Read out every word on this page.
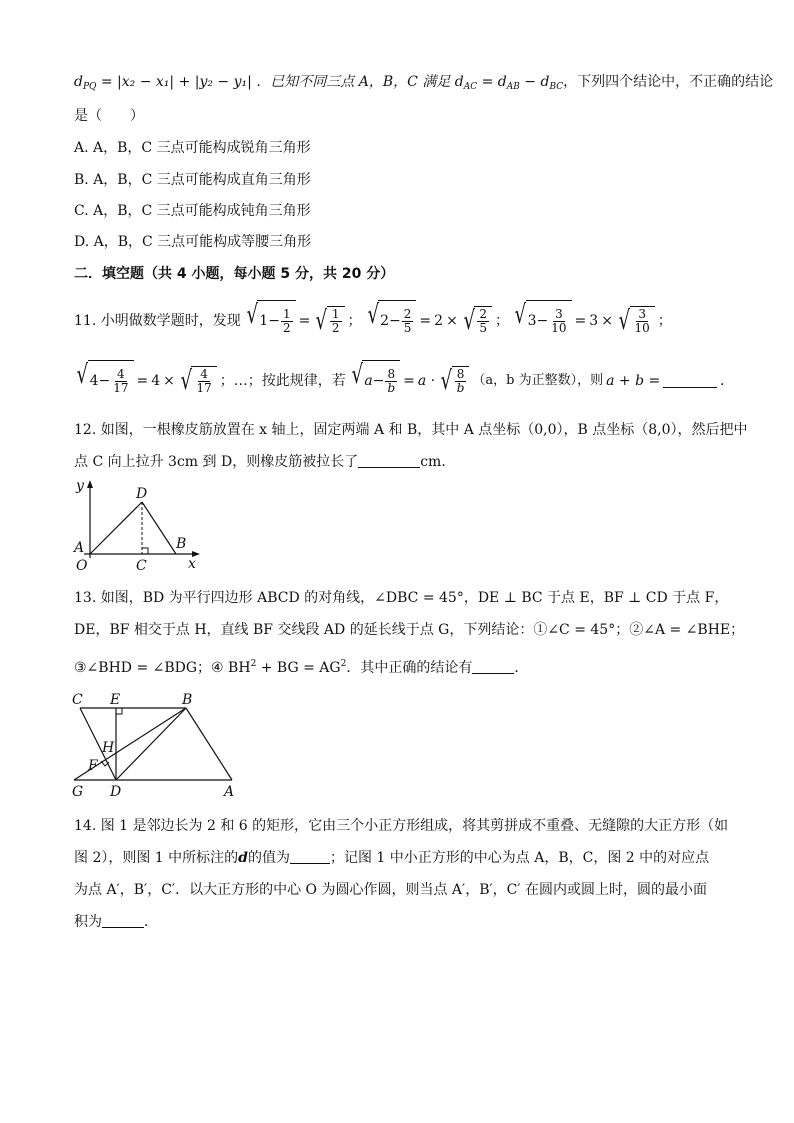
$d_{PQ} = |x_2 - x_1| + |y_2 - y_1|$ ．已知不同三点 A，B，C 满足 $d_{AC} = d_{AB} - d_{BC}$，下列四个结论中，不正确的结论
是（　　）
A. A，B，C 三点可能构成锐角三角形
B. A，B，C 三点可能构成直角三角形
C. A，B，C 三点可能构成钝角三角形
D. A，B，C 三点可能构成等腰三角形
二．填空题（共 4 小题，每小题 5 分，共 20 分）
11. 小明做数学题时，发现 √ $1 - \frac{1}{2}$ = √ $\frac{1}{2}$ ； √ $2 - \frac{2}{5} = 2$ × √ $\frac{2}{5}$ ； √ $3 - \frac{3}{10} = 3$ × √ $\frac{3}{10}$ ；
√ $4 - \frac{4}{17} = 4$ × √ $\frac{4}{17}$ ；…；按此规律，若 √ $a - \frac{8}{b} = a$ · √ $\frac{8}{b} (a$，b 为正整数），则 a + b =	．
12. 如图，一根橡皮筋放置在 x 轴上，固定两端 A 和 B，其中 A 点坐标（0,0），B 点坐标（8,0），然后把中
点 C 向上拉升 3cm 到 D，则橡皮筋被拉长了	cm.
y	D
A
O	C
B
x
13. 如图，BD 为平行四边形 ABCD 的对角线，∠DBC = 45°，DE ⊥ BC 于点 E，BF ⊥ CD 于点 F，
DE，BF 相交于点 H，直线 BF 交线段 AD 的延长线于点 G，下列结论：①∠C = 45°；②∠A = ∠BHE；
③∠BHD = ∠BDG；④ $BH^2$ + BG = $AG^2$．其中正确的结论有	．
C E	B
H
F
G D	A
14. 图 1 是邻边长为 2 和 6 的矩形，它由三个小正方形组成，将其剪拼成不重叠、无缝隙的大正方形（如
图 2），则图 1 中所标注的d的值为	；记图 1 中小正方形的中心为点 A，B，C，图 2 中的对应点
为点 A′，B′，C′．以大正方形的中心 O 为圆心作圆，则当点 A′，B′，C′ 在圆内或圆上时，圆的最小面
积为	．
